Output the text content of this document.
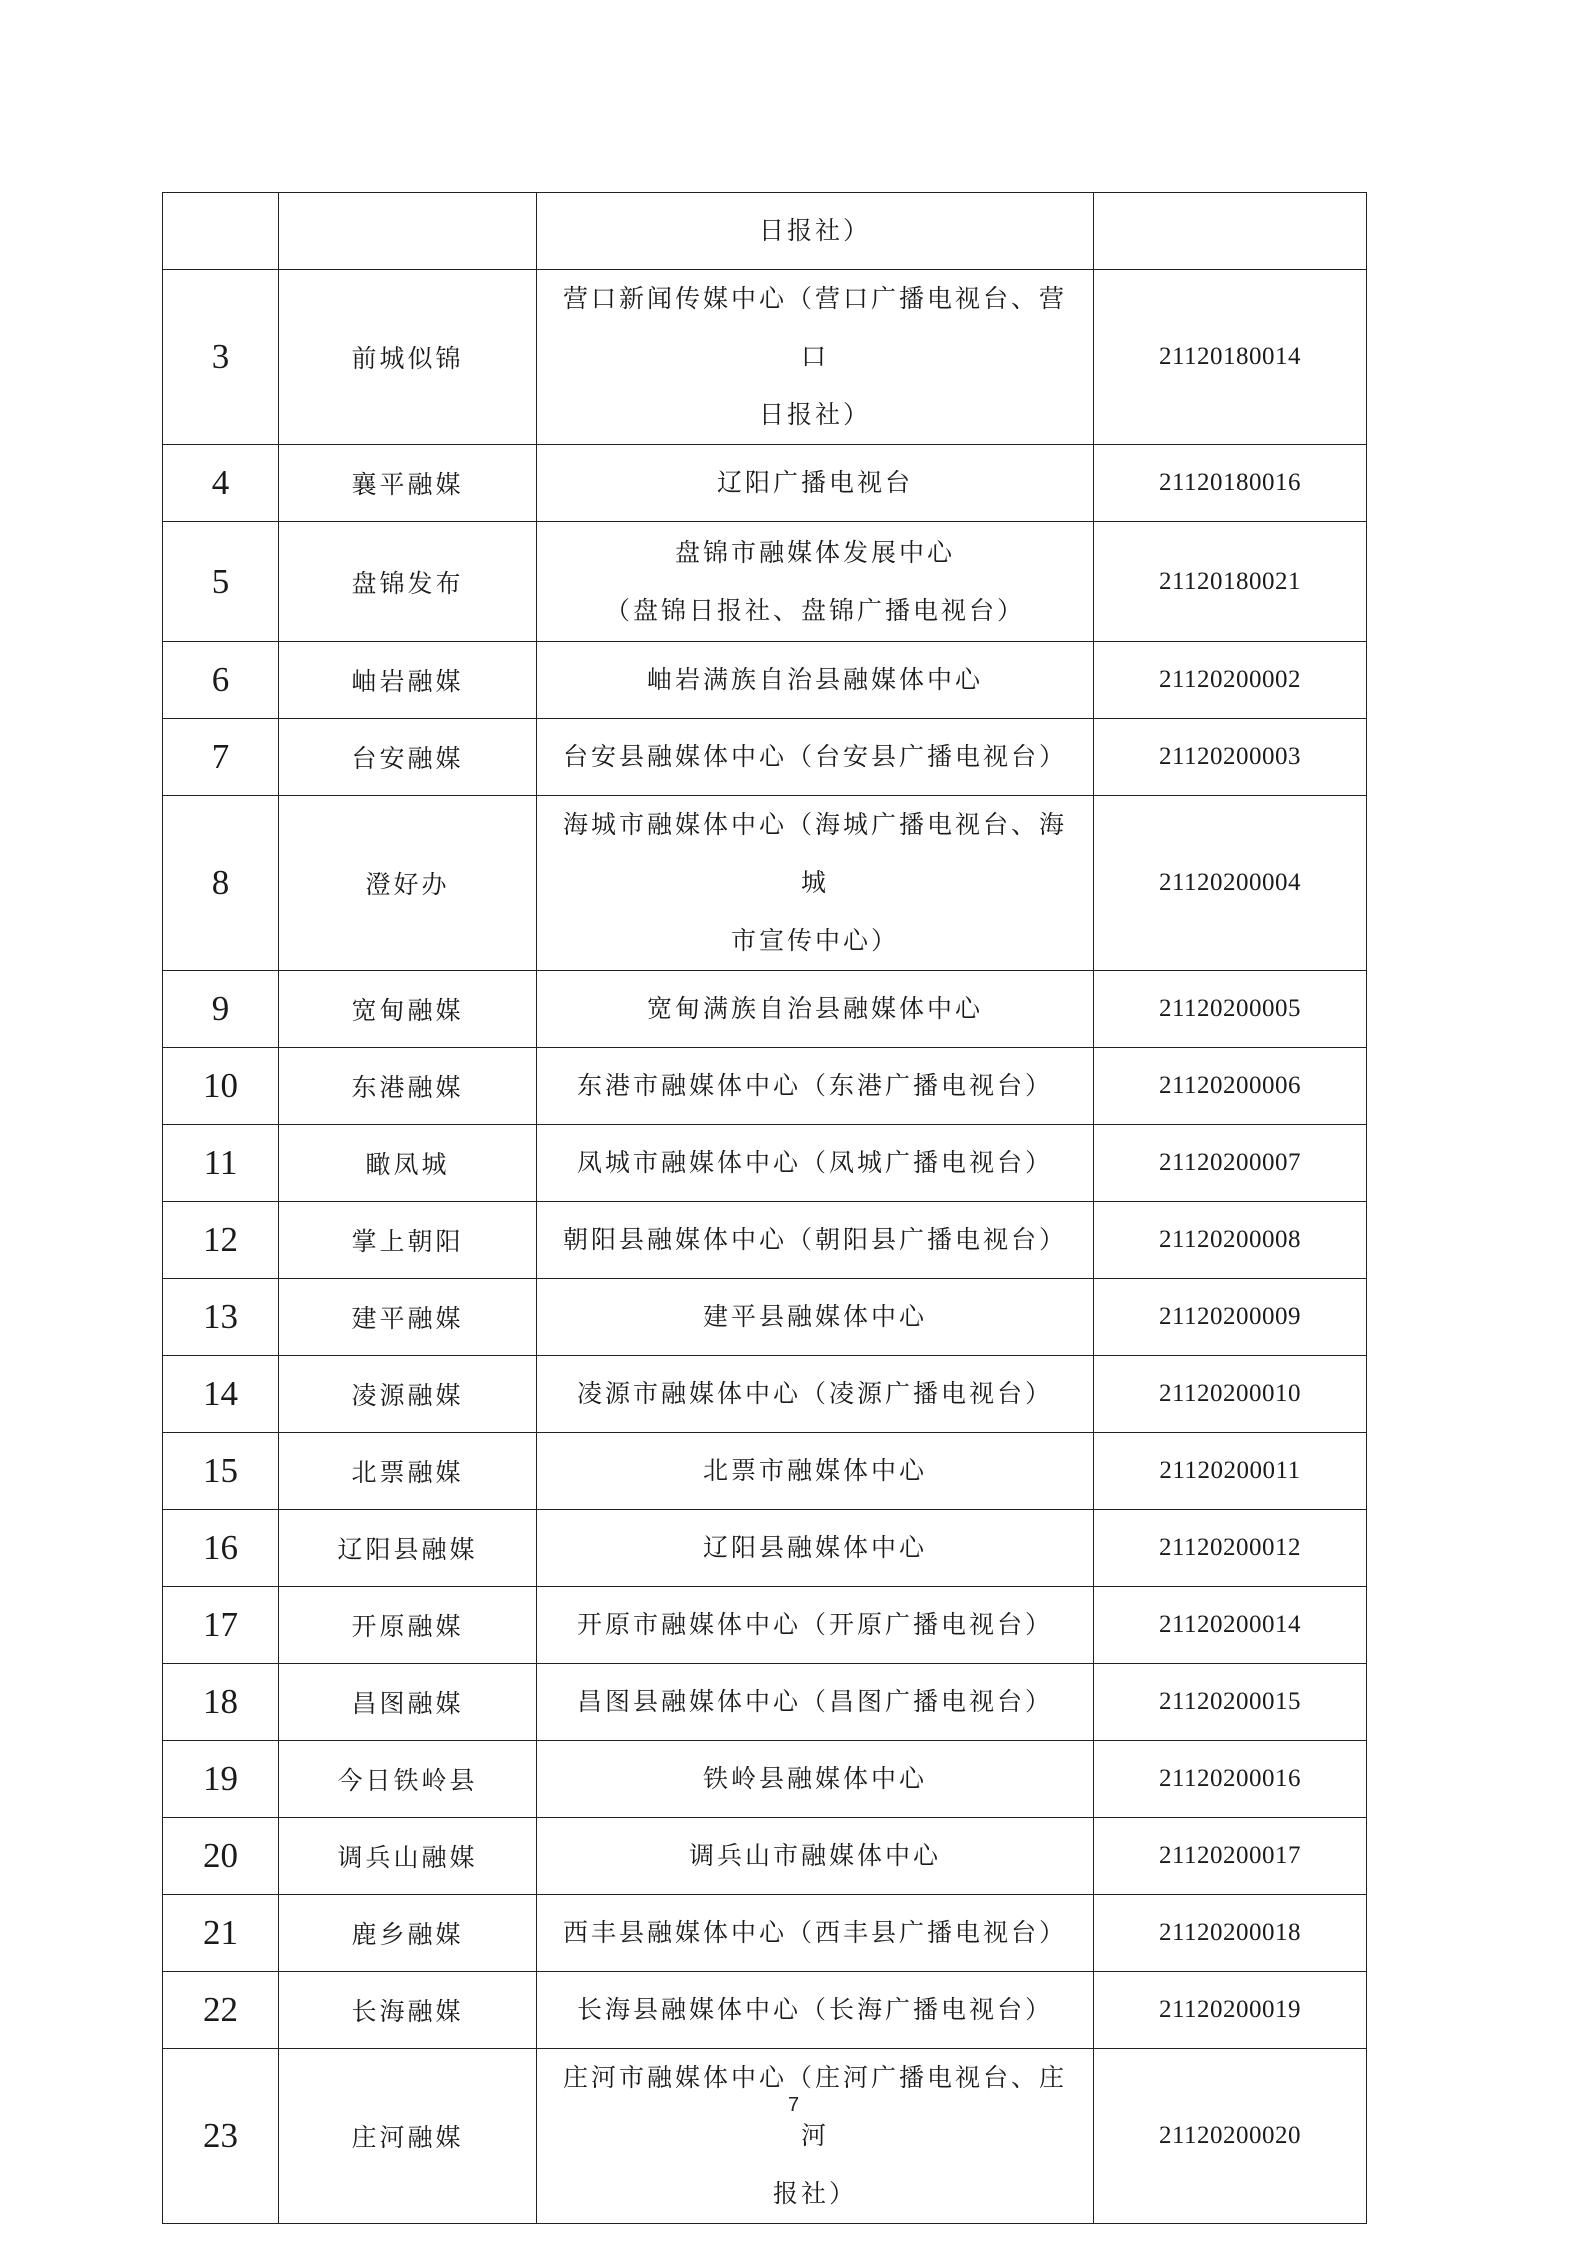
		日报社）	

3	前城似锦	营口新闻传媒中心（营口广播电视台、营口
日报社）	21120180014
4	襄平融媒	辽阳广播电视台	21120180016
5	盘锦发布	盘锦市融媒体发展中心
（盘锦日报社、盘锦广播电视台）	21120180021
6	岫岩融媒	岫岩满族自治县融媒体中心	21120200002
7	台安融媒	台安县融媒体中心（台安县广播电视台）	21120200003
8	澄好办	海城市融媒体中心（海城广播电视台、海城
市宣传中心）	21120200004
9	宽甸融媒	宽甸满族自治县融媒体中心	21120200005
10	东港融媒	东港市融媒体中心（东港广播电视台）	21120200006
11	瞰凤城	凤城市融媒体中心（凤城广播电视台）	21120200007
12	掌上朝阳	朝阳县融媒体中心（朝阳县广播电视台）	21120200008
13	建平融媒	建平县融媒体中心	21120200009
14	凌源融媒	凌源市融媒体中心（凌源广播电视台）	21120200010
15	北票融媒	北票市融媒体中心	21120200011
16	辽阳县融媒	辽阳县融媒体中心	21120200012
17	开原融媒	开原市融媒体中心（开原广播电视台）	21120200014
18	昌图融媒	昌图县融媒体中心（昌图广播电视台）	21120200015
19	今日铁岭县	铁岭县融媒体中心	21120200016
20	调兵山融媒	调兵山市融媒体中心	21120200017
21	鹿乡融媒	西丰县融媒体中心（西丰县广播电视台）	21120200018
22	长海融媒	长海县融媒体中心（长海广播电视台）	21120200019
23	庄河融媒	庄河市融媒体中心（庄河广播电视台、庄河
报社）	21120200020
7
